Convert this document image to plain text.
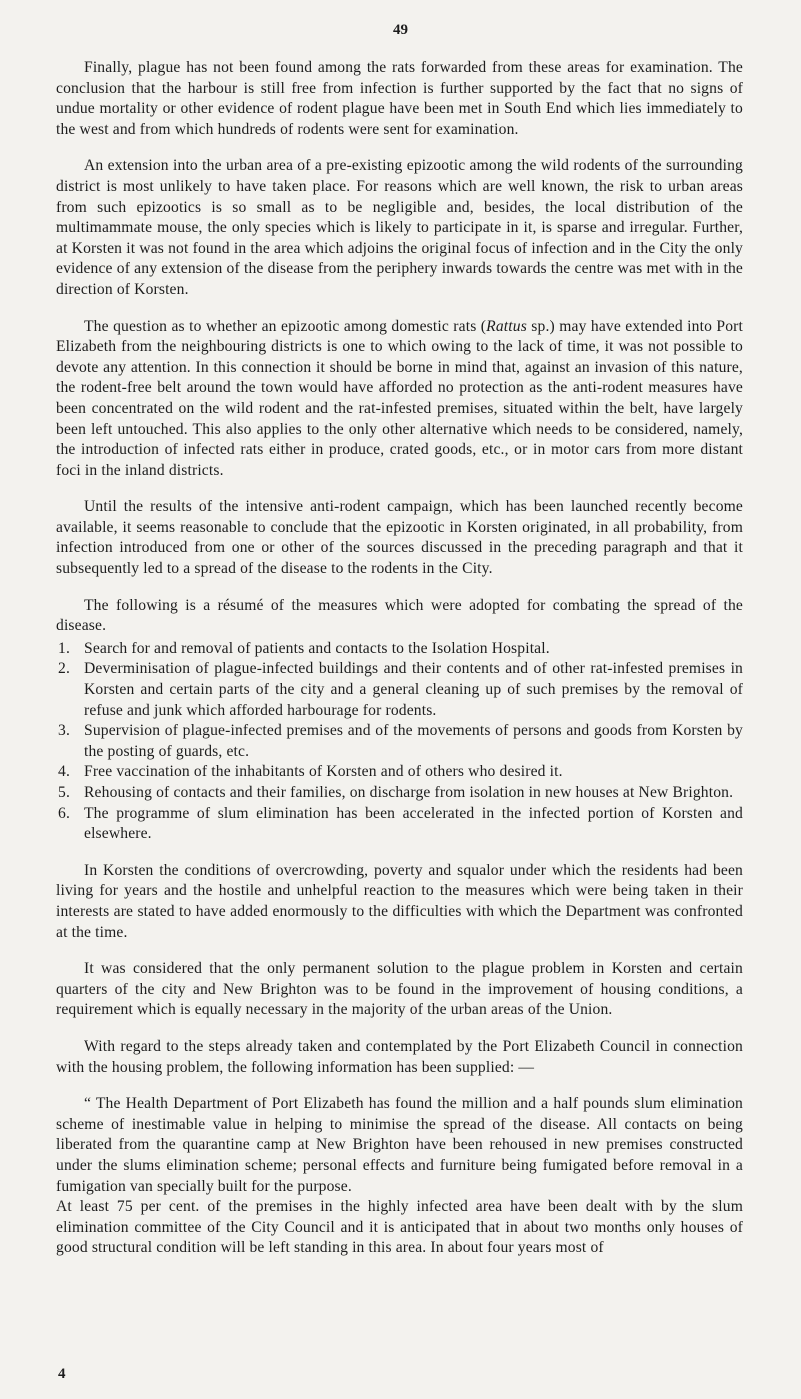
49

Finally, plague has not been found among the rats forwarded from these areas for examination. The conclusion that the harbour is still free from infection is further supported by the fact that no signs of undue mortality or other evidence of rodent plague have been met in South End which lies immediately to the west and from which hundreds of rodents were sent for examination.

An extension into the urban area of a pre-existing epizootic among the wild rodents of the surrounding district is most unlikely to have taken place. For reasons which are well known, the risk to urban areas from such epizootics is so small as to be negligible and, besides, the local distribution of the multimammate mouse, the only species which is likely to participate in it, is sparse and irregular. Further, at Korsten it was not found in the area which adjoins the original focus of infection and in the City the only evidence of any extension of the disease from the periphery inwards towards the centre was met with in the direction of Korsten.

The question as to whether an epizootic among domestic rats (Rattus sp.) may have extended into Port Elizabeth from the neighbouring districts is one to which owing to the lack of time, it was not possible to devote any attention. In this connection it should be borne in mind that, against an invasion of this nature, the rodent-free belt around the town would have afforded no protection as the anti-rodent measures have been concentrated on the wild rodent and the rat-infested premises, situated within the belt, have largely been left untouched. This also applies to the only other alternative which needs to be considered, namely, the introduction of infected rats either in produce, crated goods, etc., or in motor cars from more distant foci in the inland districts.

Until the results of the intensive anti-rodent campaign, which has been launched recently become available, it seems reasonable to conclude that the epizootic in Korsten originated, in all probability, from infection introduced from one or other of the sources discussed in the preceding paragraph and that it subsequently led to a spread of the disease to the rodents in the City.

The following is a résumé of the measures which were adopted for combating the spread of the disease.

1. Search for and removal of patients and contacts to the Isolation Hospital.
2. Deverminisation of plague-infected buildings and their contents and of other rat-infested premises in Korsten and certain parts of the city and a general cleaning up of such premises by the removal of refuse and junk which afforded harbourage for rodents.
3. Supervision of plague-infected premises and of the movements of persons and goods from Korsten by the posting of guards, etc.
4. Free vaccination of the inhabitants of Korsten and of others who desired it.
5. Rehousing of contacts and their families, on discharge from isolation in new houses at New Brighton.
6. The programme of slum elimination has been accelerated in the infected portion of Korsten and elsewhere.

In Korsten the conditions of overcrowding, poverty and squalor under which the residents had been living for years and the hostile and unhelpful reaction to the measures which were being taken in their interests are stated to have added enormously to the difficulties with which the Department was confronted at the time.

It was considered that the only permanent solution to the plague problem in Korsten and certain quarters of the city and New Brighton was to be found in the improvement of housing conditions, a requirement which is equally necessary in the majority of the urban areas of the Union.

With regard to the steps already taken and contemplated by the Port Elizabeth Council in connection with the housing problem, the following information has been supplied: —

“ The Health Department of Port Elizabeth has found the million and a half pounds slum elimination scheme of inestimable value in helping to minimise the spread of the disease. All contacts on being liberated from the quarantine camp at New Brighton have been rehoused in new premises constructed under the slums elimination scheme; personal effects and furniture being fumigated before removal in a fumigation van specially built for the purpose.

At least 75 per cent. of the premises in the highly infected area have been dealt with by the slum elimination committee of the City Council and it is anticipated that in about two months only houses of good structural condition will be left standing in this area. In about four years most of

4
